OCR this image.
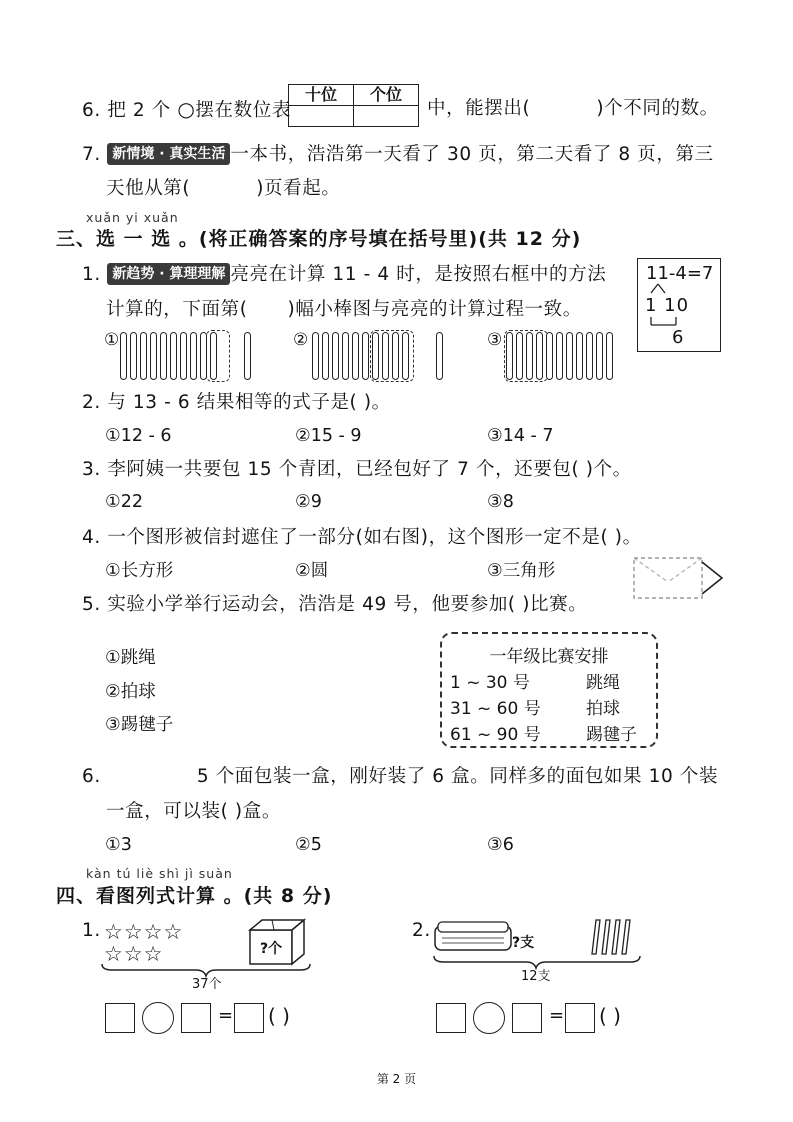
6. 把 2 个 ○摆在数位表
十位	个位

中，能摆出(	)个不同的数。
7. 新情境 · 真实生活 一本书，浩浩第一天看了 30 页，第二天看了 8 页，第三
天他从第(	)页看起。
xuǎn yi xuǎn
三、选 一 选 。(将正确答案的序号填在括号里)(共 12 分)
1. 新趋势 · 算理理解 亮亮在计算 11 - 4 时，是按照右框中的方法
计算的，下面第( )幅小棒图与亮亮的计算过程一致。
11-4=7
1 10
6
①	②	③
2. 与 13 - 6 结果相等的式子是( )。
①12 - 6	②15 - 9	③14 - 7
3. 李阿姨一共要包 15 个青团，已经包好了 7 个，还要包( )个。
①22	②9	③8
4. 一个图形被信封遮住了一部分(如右图)，这个图形一定不是( )。
①长方形	②圆	③三角形
5. 实验小学举行运动会，浩浩是 49 号，他要参加( )比赛。
①跳绳
②拍球
③踢毽子
一年级比赛安排
1 ~ 30 号	跳绳
31 ~ 60 号	拍球
61 ~ 90 号	踢毽子
6.	5 个面包装一盒，刚好装了 6 盒。同样多的面包如果 10 个装
一盒，可以装( )盒。
①3	②5	③6
kàn tú liè shì jì suàn
四、看图列式计算 。(共 8 分)
1. ☆☆☆☆
☆☆☆	?个
37个
= ( )
2.
?支
12支
= ( )
第 2 页
